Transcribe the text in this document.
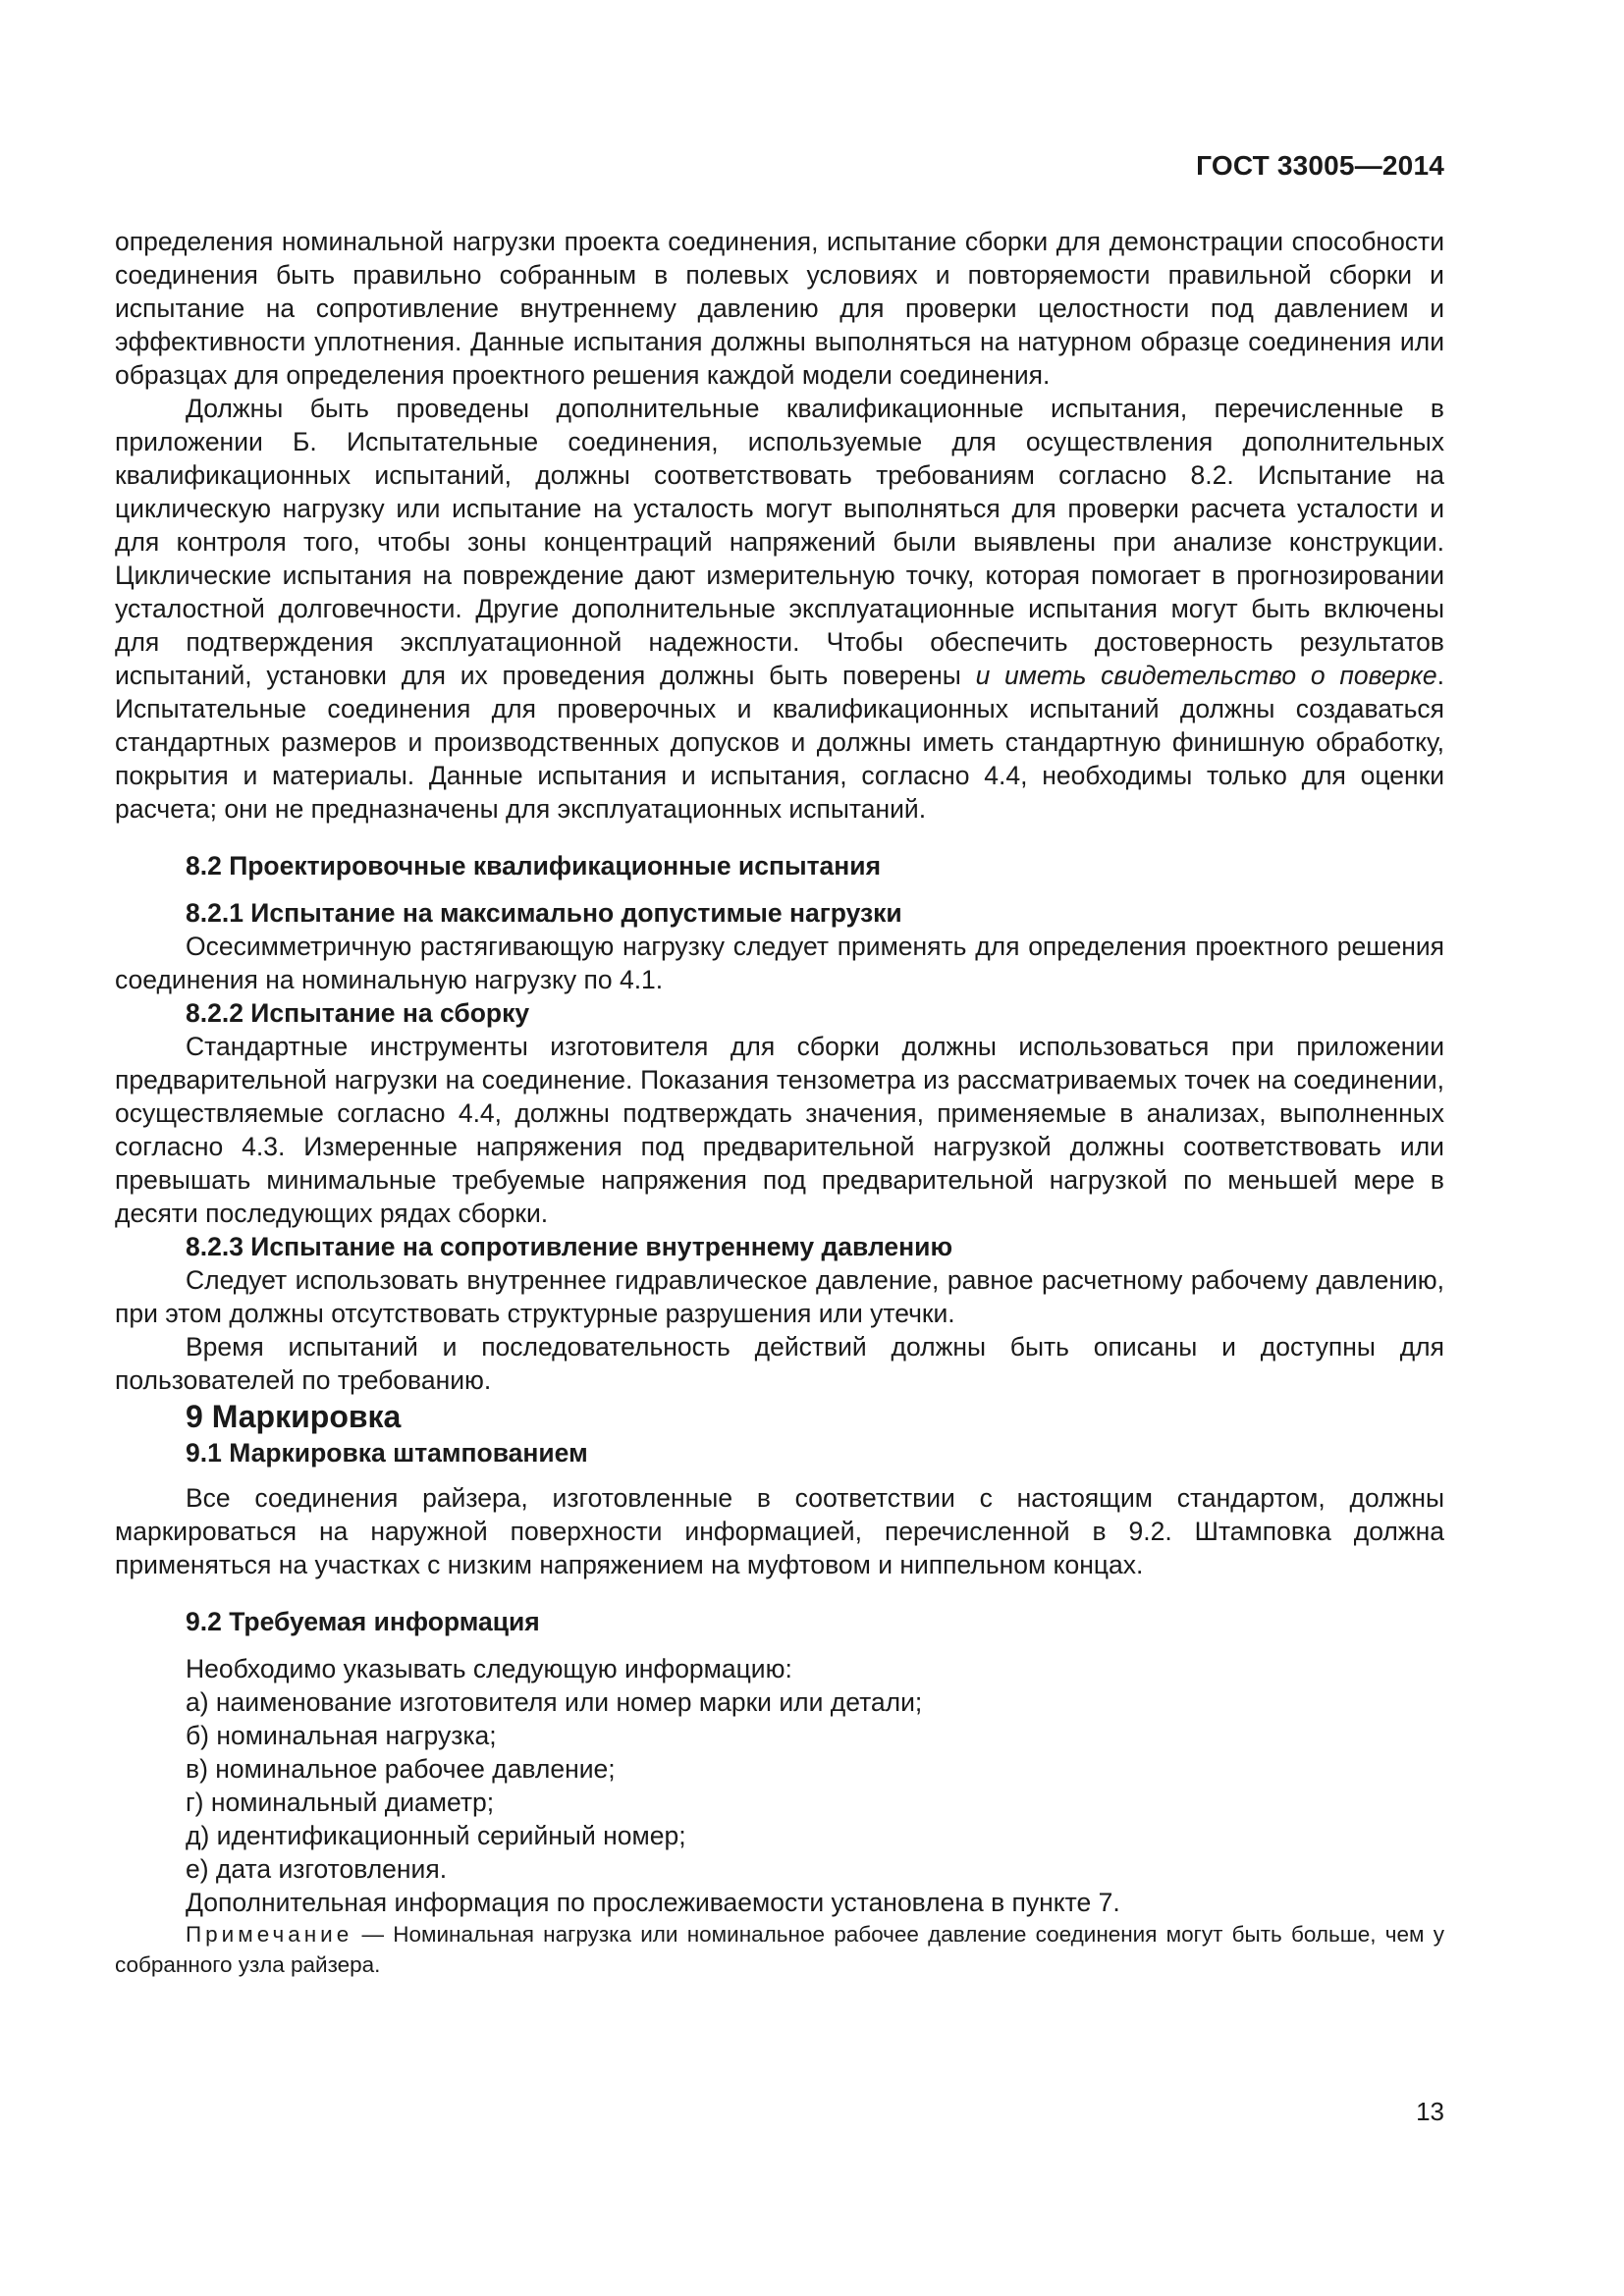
ГОСТ 33005—2014

определения номинальной нагрузки проекта соединения, испытание сборки для демонстрации способности соединения быть правильно собранным в полевых условиях и повторяемости правильной сборки и испытание на сопротивление внутреннему давлению для проверки целостности под давлением и эффективности уплотнения. Данные испытания должны выполняться на натурном образце соединения или образцах для определения проектного решения каждой модели соединения.

Должны быть проведены дополнительные квалификационные испытания, перечисленные в приложении Б. Испытательные соединения, используемые для осуществления дополнительных квалификационных испытаний, должны соответствовать требованиям согласно 8.2. Испытание на циклическую нагрузку или испытание на усталость могут выполняться для проверки расчета усталости и для контроля того, чтобы зоны концентраций напряжений были выявлены при анализе конструкции. Циклические испытания на повреждение дают измерительную точку, которая помогает в прогнозировании усталостной долговечности. Другие дополнительные эксплуатационные испытания могут быть включены для подтверждения эксплуатационной надежности. Чтобы обеспечить достоверность результатов испытаний, установки для их проведения должны быть поверены и иметь свидетельство о поверке. Испытательные соединения для проверочных и квалификационных испытаний должны создаваться стандартных размеров и производственных допусков и должны иметь стандартную финишную обработку, покрытия и материалы. Данные испытания и испытания, согласно 4.4, необходимы только для оценки расчета; они не предназначены для эксплуатационных испытаний.

8.2 Проектировочные квалификационные испытания

8.2.1 Испытание на максимально допустимые нагрузки

Осесимметричную растягивающую нагрузку следует применять для определения проектного решения соединения на номинальную нагрузку по 4.1.

8.2.2 Испытание на сборку

Стандартные инструменты изготовителя для сборки должны использоваться при приложении предварительной нагрузки на соединение. Показания тензометра из рассматриваемых точек на соединении, осуществляемые согласно 4.4, должны подтверждать значения, применяемые в анализах, выполненных согласно 4.3. Измеренные напряжения под предварительной нагрузкой должны соответствовать или превышать минимальные требуемые напряжения под предварительной нагрузкой по меньшей мере в десяти последующих рядах сборки.

8.2.3 Испытание на сопротивление внутреннему давлению

Следует использовать внутреннее гидравлическое давление, равное расчетному рабочему давлению, при этом должны отсутствовать структурные разрушения или утечки.

Время испытаний и последовательность действий должны быть описаны и доступны для пользователей по требованию.

9 Маркировка

9.1 Маркировка штампованием

Все соединения райзера, изготовленные в соответствии с настоящим стандартом, должны маркироваться на наружной поверхности информацией, перечисленной в 9.2. Штамповка должна применяться на участках с низким напряжением на муфтовом и ниппельном концах.

9.2 Требуемая информация

Необходимо указывать следующую информацию:

а) наименование изготовителя или номер марки или детали;

б) номинальная нагрузка;

в) номинальное рабочее давление;

г) номинальный диаметр;

д) идентификационный серийный номер;

е) дата изготовления.

Дополнительная информация по прослеживаемости установлена в пункте 7.

Примечание — Номинальная нагрузка или номинальное рабочее давление соединения могут быть больше, чем у собранного узла райзера.

13
